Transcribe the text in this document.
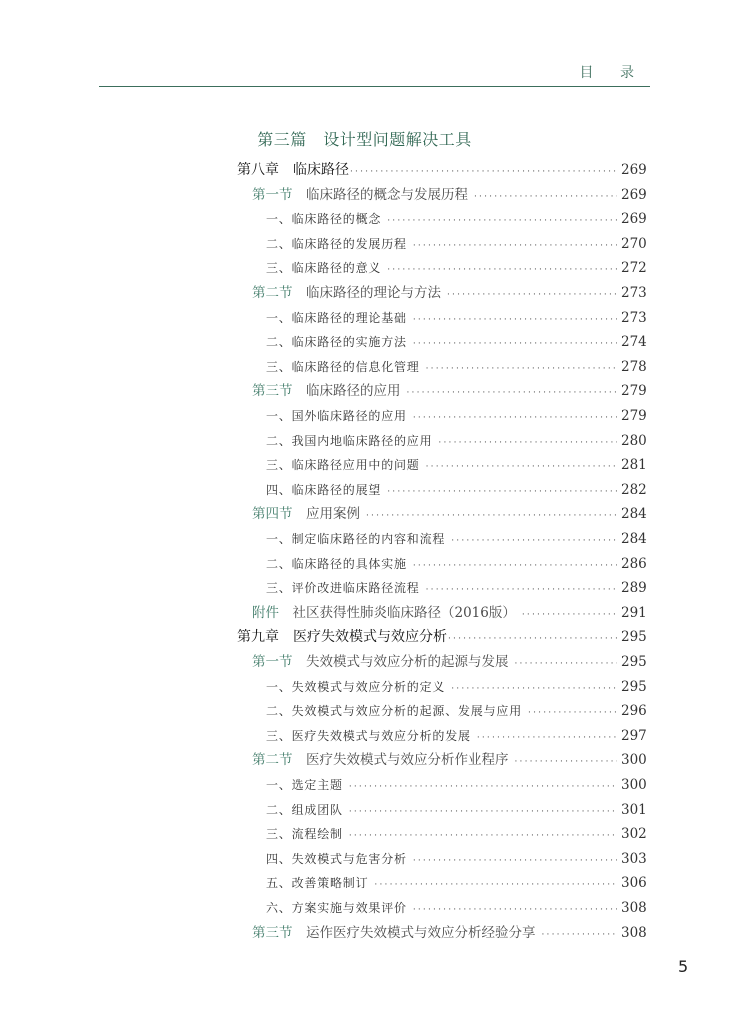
目 录
第三篇　设计型问题解决工具
第八章　 临床路径 ·····	269
第一节　 临床路径的概念与发展历程 ·····	269
一、临床路径的概念 ·····	269
二、临床路径的发展历程 ·····	270
三、临床路径的意义 ·····	272
第二节　 临床路径的理论与方法 ·····	273
一、临床路径的理论基础 ·····	273
二、临床路径的实施方法 ·····	274
三、临床路径的信息化管理 ·····	278
第三节　 临床路径的应用 ·····	279
一、国外临床路径的应用 ·····	279
二、我国内地临床路径的应用 ·····	280
三、临床路径应用中的问题 ·····	281
四、临床路径的展望 ·····	282
第四节　 应用案例 ·····	284
一、制定临床路径的内容和流程 ·····	284
二、临床路径的具体实施 ·····	286
三、评价改进临床路径流程 ·····	289
附件　 社区获得性肺炎临床路径（2016版） ·····	291
第九章　 医疗失效模式与效应分析 ·····	295
第一节　 失效模式与效应分析的起源与发展 ·····	295
一、失效模式与效应分析的定义 ·····	295
二、失效模式与效应分析的起源、发展与应用 ·····	296
三、医疗失效模式与效应分析的发展 ·····	297
第二节　 医疗失效模式与效应分析作业程序 ·····	300
一、选定主题 ·····	300
二、组成团队 ·····	301
三、流程绘制 ·····	302
四、失效模式与危害分析 ·····	303
五、改善策略制订 ·····	306
六、方案实施与效果评价 ·····	308
第三节　 运作医疗失效模式与效应分析经验分享 ·····	308
5
